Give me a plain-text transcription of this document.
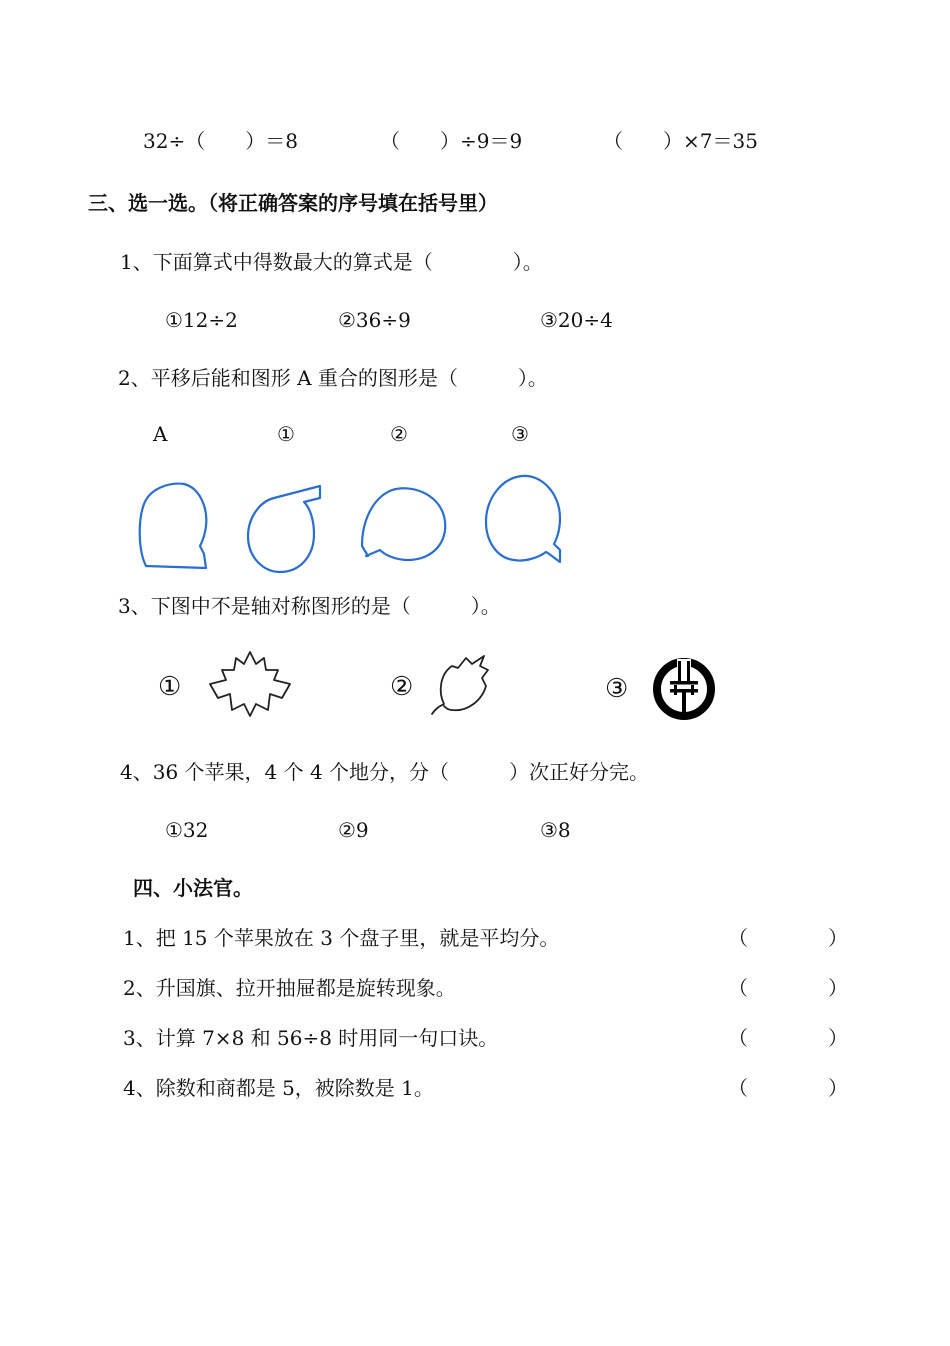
32÷（　　）＝8	（　　）÷9＝9	（　　）×7＝35
三、选一选。（将正确答案的序号填在括号里）
1、下面算式中得数最大的算式是（　　　　）。
①12÷2	②36÷9	③20÷4
2、平移后能和图形 A 重合的图形是（　　　）。
A	①	②	③
3、下图中不是轴对称图形的是（　　　）。
①	②	③
4、36 个苹果，4 个 4 个地分，分（　　　）次正好分完。
①32	②9	③8
四、小法官。
1、把 15 个苹果放在 3 个盘子里，就是平均分。	（　　　　）
2、升国旗、拉开抽屉都是旋转现象。	（　　　　）
3、计算 7×8 和 56÷8 时用同一句口诀。	（　　　　）
4、除数和商都是 5，被除数是 1。	（　　　　）
